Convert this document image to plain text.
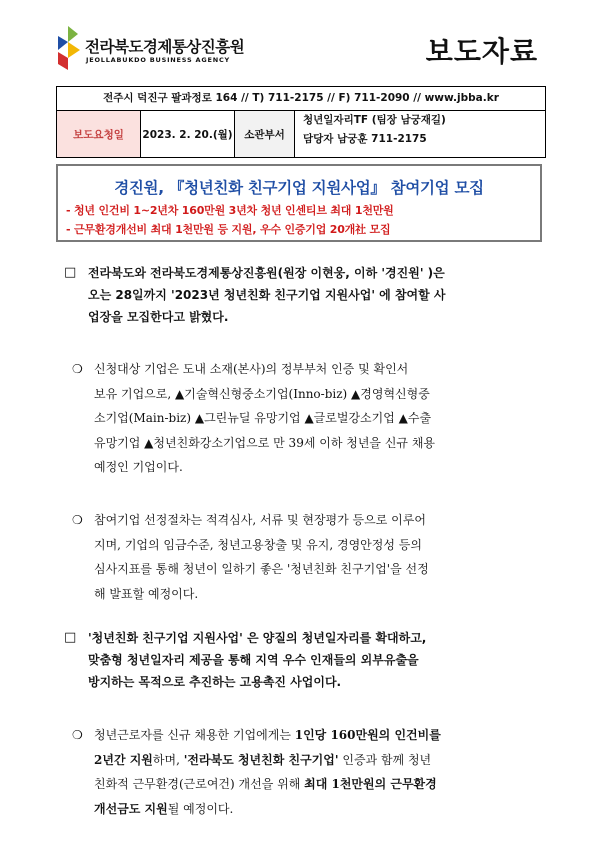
전라북도경제통상진흥원
JEOLLABUKDO BUSINESS AGENCY	보도자료
전주시 덕진구 팔과정로 164 // T) 711-2175 // F) 711-2090 // www.jbba.kr
보도요청일	2023. 2. 20.(월)	소관부서
청년일자리TF (팀장 남궁재길)
담당자 남궁훈 711-2175
경진원, 『청년친화 친구기업 지원사업』 참여기업 모집
- 청년 인건비 1~2년차 160만원 3년차 청년 인센티브 최대 1천만원
- 근무환경개선비 최대 1천만원 등 지원, 우수 인증기업 20개社 모집
□ 전라북도와 전라북도경제통상진흥원(원장 이현웅, 이하 '경진원' )은
오는 28일까지 '2023년 청년친화 친구기업 지원사업' 에 참여할 사
업장을 모집한다고 밝혔다.
❍ 신청대상 기업은 도내 소재(본사)의 정부부처 인증 및 확인서
보유 기업으로, ▲기술혁신형중소기업(Inno-biz) ▲경영혁신형중
소기업(Main-biz) ▲그린뉴딜 유망기업 ▲글로벌강소기업 ▲수출
유망기업 ▲청년친화강소기업으로 만 39세 이하 청년을 신규 채용
예정인 기업이다.
❍ 참여기업 선정절차는 적격심사, 서류 및 현장평가 등으로 이루어
지며, 기업의 임금수준, 청년고용창출 및 유지, 경영안정성 등의
심사지표를 통해 청년이 일하기 좋은 '청년친화 친구기업'을 선정
해 발표할 예정이다.
□ '청년친화 친구기업 지원사업' 은 양질의 청년일자리를 확대하고,
맞춤형 청년일자리 제공을 통해 지역 우수 인재들의 외부유출을
방지하는 목적으로 추진하는 고용촉진 사업이다.
❍ 청년근로자를 신규 채용한 기업에게는 1인당 160만원의 인건비를
2년간 지원하며, '전라북도 청년친화 친구기업' 인증과 함께 청년
친화적 근무환경(근로여건) 개선을 위해 최대 1천만원의 근무환경
개선금도 지원될 예정이다.
